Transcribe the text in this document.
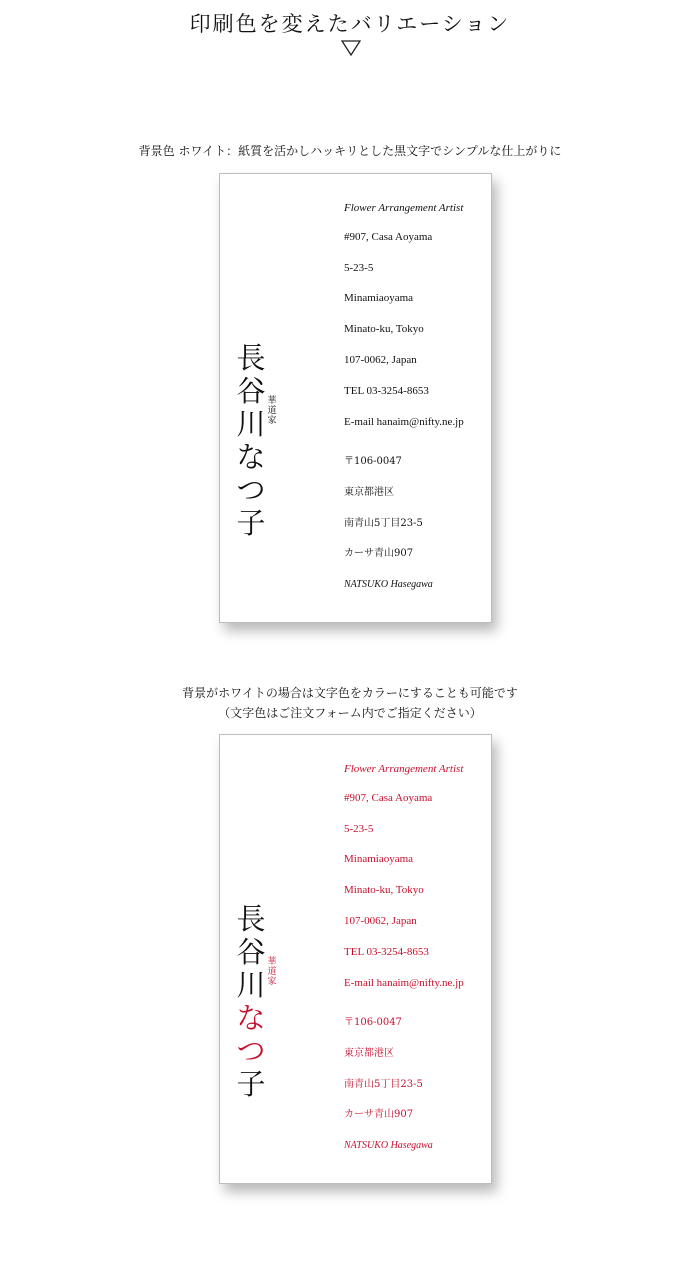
印刷色を変えたバリエーション
背景色 ホワイト：紙質を活かしハッキリとした黒文字でシンプルな仕上がりに
長
谷
川
な
つ
子
華
道
家
Flower Arrangement Artist
#907, Casa Aoyama
5-23-5
Minamiaoyama
Minato-ku, Tokyo
107-0062, Japan
TEL 03-3254-8653
E-mail hanaim@nifty.ne.jp
〒106-0047
東京都港区
南青山5丁目23-5
カーサ青山907
NATSUKO Hasegawa
背景がホワイトの場合は文字色をカラーにすることも可能です
（文字色はご注文フォーム内でご指定ください）
長
谷
川
な
つ
子
華
道
家
Flower Arrangement Artist
#907, Casa Aoyama
5-23-5
Minamiaoyama
Minato-ku, Tokyo
107-0062, Japan
TEL 03-3254-8653
E-mail hanaim@nifty.ne.jp
〒106-0047
東京都港区
南青山5丁目23-5
カーサ青山907
NATSUKO Hasegawa
